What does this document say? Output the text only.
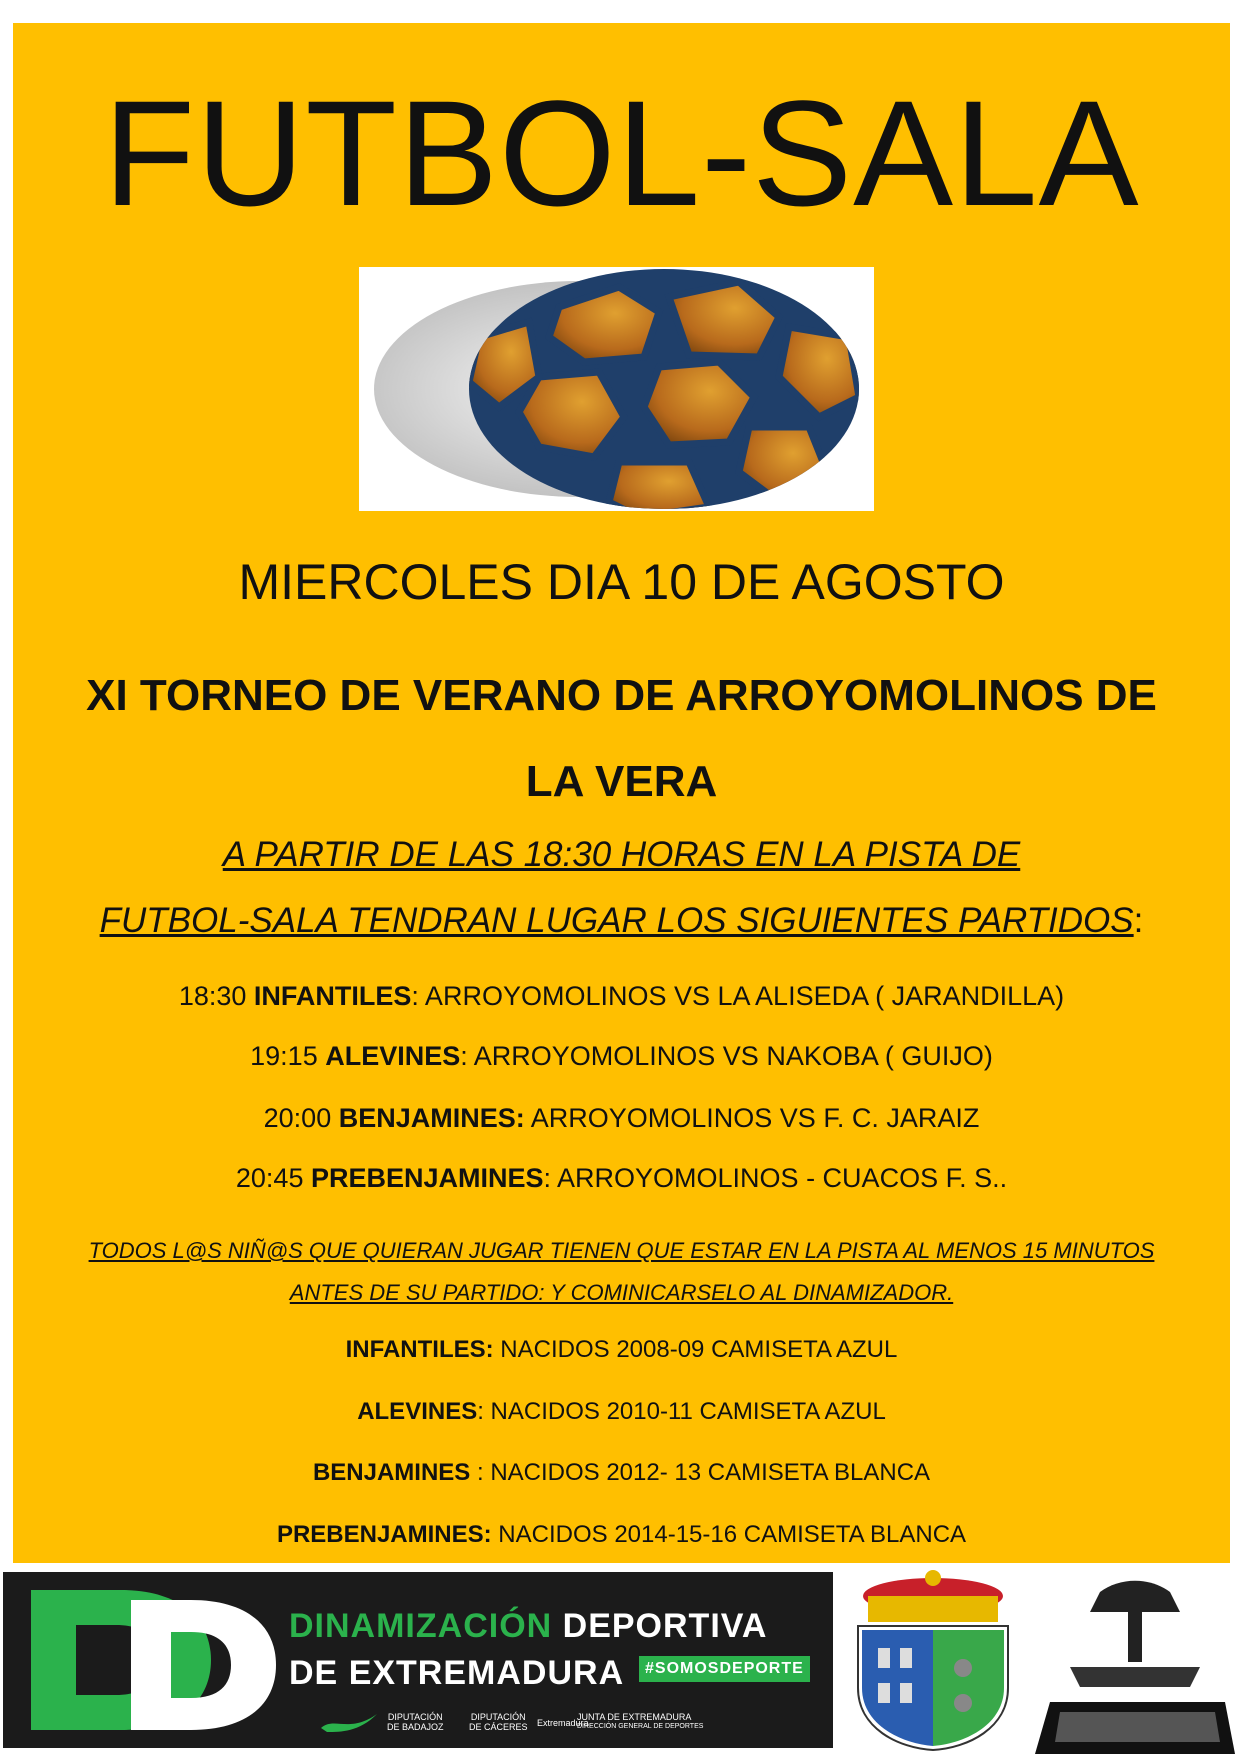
FUTBOL-SALA
MIERCOLES DIA 10 DE AGOSTO
XI TORNEO DE VERANO DE ARROYOMOLINOS DE
LA VERA
A PARTIR DE LAS 18:30 HORAS EN LA PISTA DE
FUTBOL-SALA TENDRAN LUGAR LOS SIGUIENTES PARTIDOS:
18:30 INFANTILES: ARROYOMOLINOS VS LA ALISEDA ( JARANDILLA)
19:15 ALEVINES: ARROYOMOLINOS VS NAKOBA ( GUIJO)
20:00 BENJAMINES: ARROYOMOLINOS VS F. C. JARAIZ
20:45 PREBENJAMINES: ARROYOMOLINOS - CUACOS F. S..
TODOS L@S NIÑ@S QUE QUIERAN JUGAR TIENEN QUE ESTAR EN LA PISTA AL MENOS 15 MINUTOS
ANTES DE SU PARTIDO: Y COMINICARSELO AL DINAMIZADOR.
INFANTILES: NACIDOS 2008-09 CAMISETA AZUL
ALEVINES: NACIDOS 2010-11 CAMISETA AZUL
BENJAMINES : NACIDOS 2012- 13 CAMISETA BLANCA
PREBENJAMINES: NACIDOS 2014-15-16 CAMISETA BLANCA
DINAMIZACIÓN DEPORTIVA
DE EXTREMADURA	#SOMOSDEPORTE
DIPUTACIÓN
DE BADAJOZ
DIPUTACIÓN
DE CÁCERES Extremadura
JUNTA DE EXTREMADURA
DIRECCIÓN GENERAL DE DEPORTES
